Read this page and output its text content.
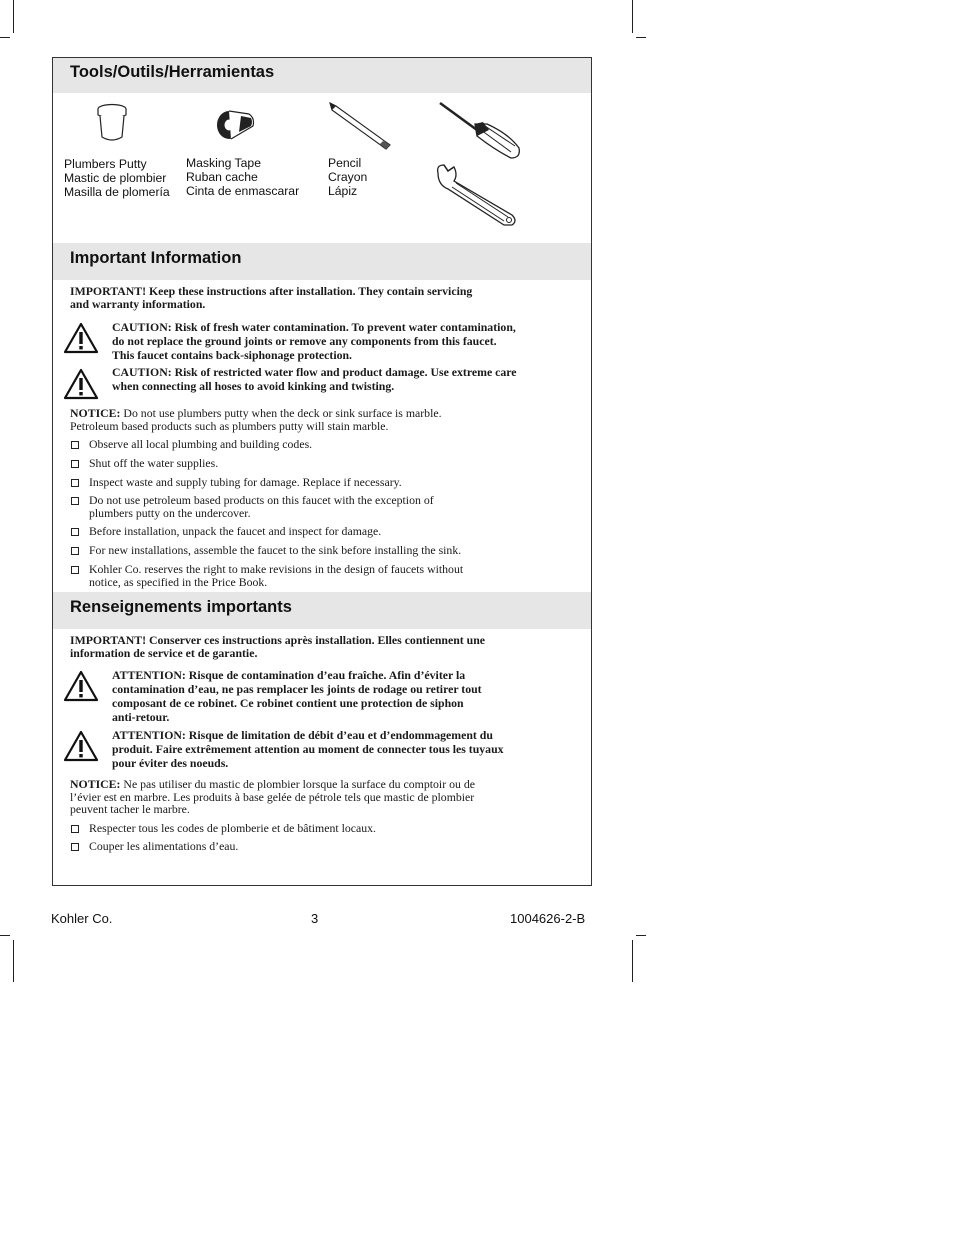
Tools/Outils/Herramientas
Plumbers Putty
Mastic de plombier
Masilla de plomería
Masking Tape
Ruban cache
Cinta de enmascarar
Pencil
Crayon
Lápiz
Important Information
IMPORTANT! Keep these instructions after installation. They contain servicing
and warranty information.
CAUTION: Risk of fresh water contamination. To prevent water contamination,
do not replace the ground joints or remove any components from this faucet.
This faucet contains back-siphonage protection.
CAUTION: Risk of restricted water flow and product damage. Use extreme care
when connecting all hoses to avoid kinking and twisting.
NOTICE: Do not use plumbers putty when the deck or sink surface is marble.
Petroleum based products such as plumbers putty will stain marble.
Observe all local plumbing and building codes.
Shut off the water supplies.
Inspect waste and supply tubing for damage. Replace if necessary.
Do not use petroleum based products on this faucet with the exception of
plumbers putty on the undercover.
Before installation, unpack the faucet and inspect for damage.
For new installations, assemble the faucet to the sink before installing the sink.
Kohler Co. reserves the right to make revisions in the design of faucets without
notice, as specified in the Price Book.
Renseignements importants
IMPORTANT! Conserver ces instructions après installation. Elles contiennent une
information de service et de garantie.
ATTENTION: Risque de contamination d’eau fraîche. Afin d’éviter la
contamination d’eau, ne pas remplacer les joints de rodage ou retirer tout
composant de ce robinet. Ce robinet contient une protection de siphon
anti-retour.
ATTENTION: Risque de limitation de débit d’eau et d’endommagement du
produit. Faire extrêmement attention au moment de connecter tous les tuyaux
pour éviter des noeuds.
NOTICE: Ne pas utiliser du mastic de plombier lorsque la surface du comptoir ou de
l’évier est en marbre. Les produits à base gelée de pétrole tels que mastic de plombier
peuvent tacher le marbre.
Respecter tous les codes de plomberie et de bâtiment locaux.
Couper les alimentations d’eau.
Kohler Co.	3	1004626-2-B
